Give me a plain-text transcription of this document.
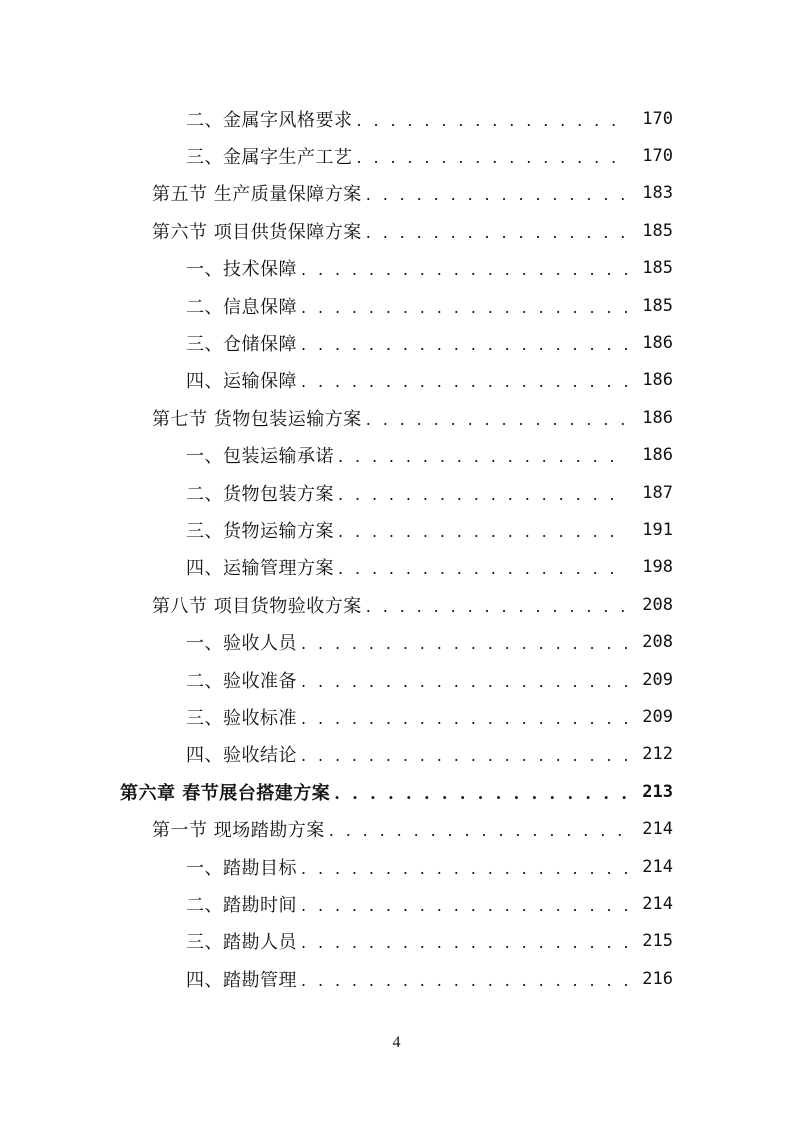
二、金属字风格要求 . . .	170
三、金属字生产工艺 . . .	170
第五节 生产质量保障方案 . . .	183
第六节 项目供货保障方案 . . .	185
一、技术保障 . . .	185
二、信息保障 . . .	185
三、仓储保障 . . .	186
四、运输保障 . . .	186
第七节 货物包装运输方案 . . .	186
一、包装运输承诺 . . .	186
二、货物包装方案 . . .	187
三、货物运输方案 . . .	191
四、运输管理方案 . . .	198
第八节 项目货物验收方案 . . .	208
一、验收人员 . . .	208
二、验收准备 . . .	209
三、验收标准 . . .	209
四、验收结论 . . .	212
第六章 春节展台搭建方案 . . .	213
第一节 现场踏勘方案 . . .	214
一、踏勘目标 . . .	214
二、踏勘时间 . . .	214
三、踏勘人员 . . .	215
四、踏勘管理 . . .	216
4
